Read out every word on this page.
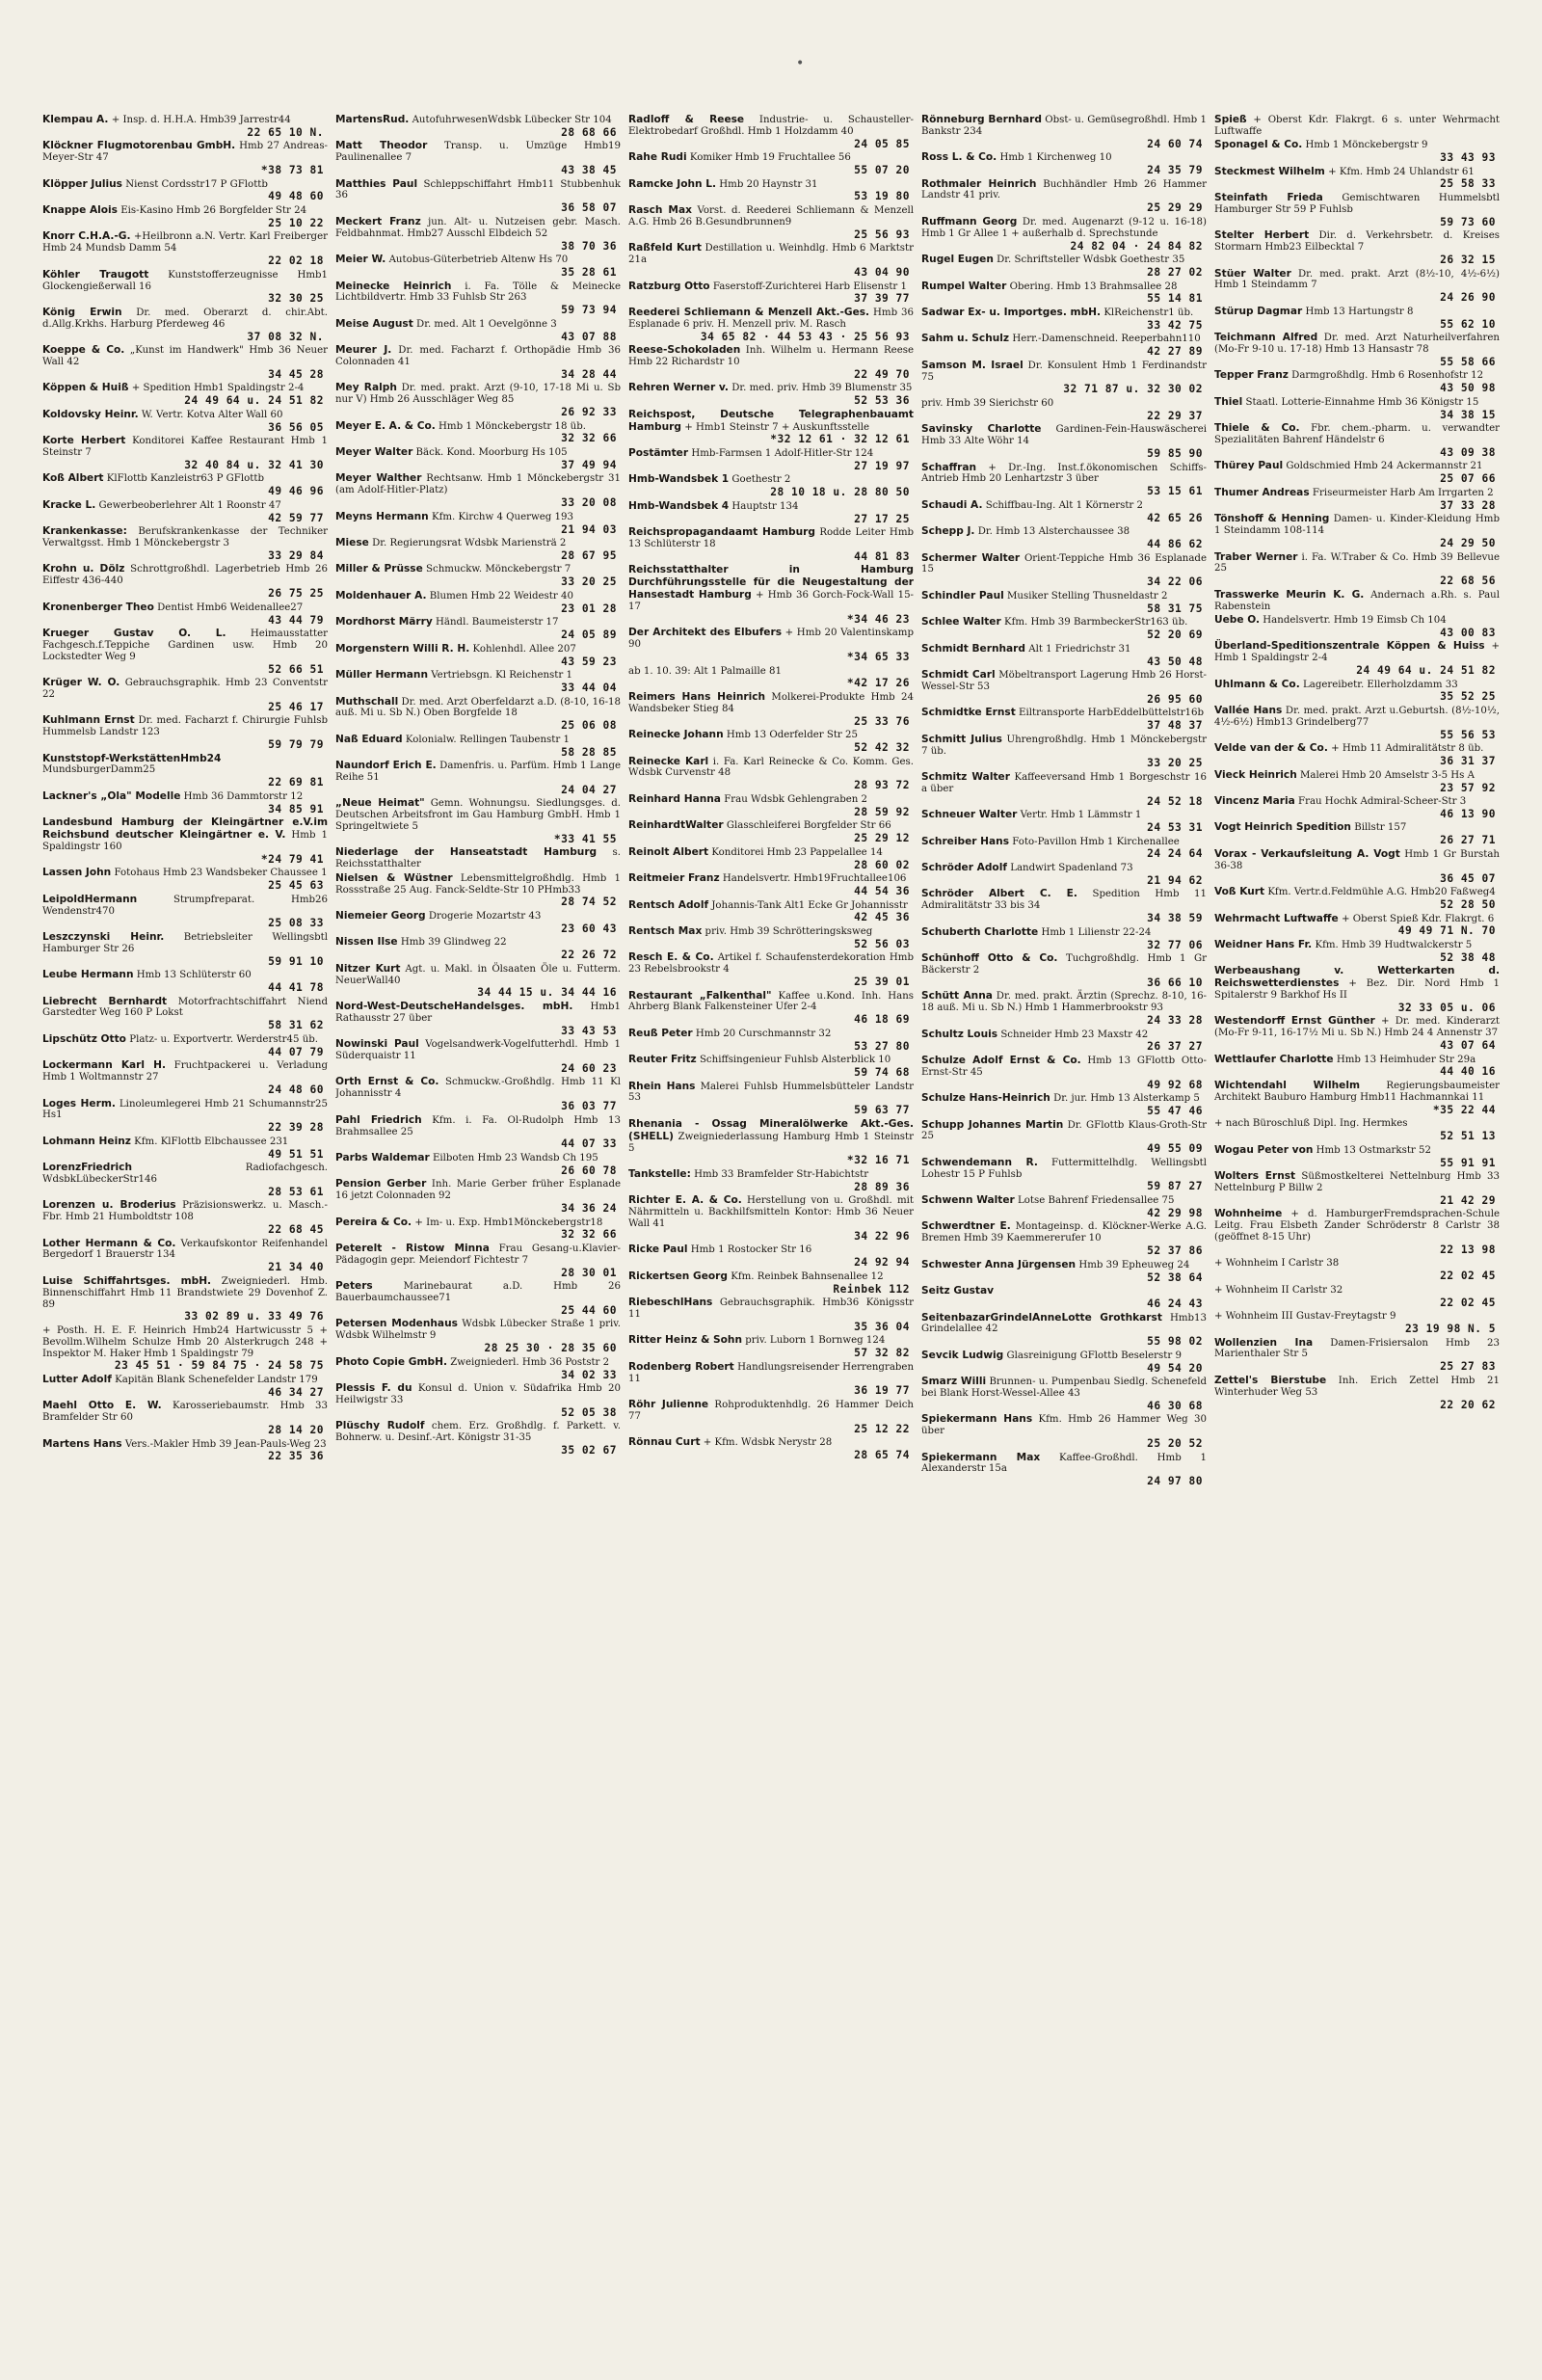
•
Klempau A. + Insp. d. H.H.A. Hmb39 Jarrestr44
22 65 10 N.
Klöckner Flugmotorenbau GmbH. Hmb 27 Andreas-Meyer-Str 47
*38 73 81
Klöpper Julius Nienst Cordsstr17 P GFlottb
49 48 60
Knappe Alois Eis-Kasino Hmb 26 Borgfelder Str 24
25 10 22
Knorr C.H.A.-G. +Heilbronn a.N. Vertr. Karl Freiberger Hmb 24 Mundsb Damm 54
22 02 18
Köhler Traugott Kunststofferzeugnisse Hmb1 Glockengießerwall 16
32 30 25
König Erwin Dr. med. Oberarzt d. chir.Abt. d.Allg.Krkhs. Harburg Pferdeweg 46
37 08 32 N.
Koeppe & Co. „Kunst im Handwerk" Hmb 36 Neuer Wall 42
34 45 28
Köppen & Huiß + Spedition Hmb1 Spaldingstr 2-4
24 49 64 u. 24 51 82
Koldovsky Heinr. W. Vertr. Kotva Alter Wall 60
36 56 05
Korte Herbert Konditorei Kaffee Restaurant Hmb 1 Steinstr 7
32 40 84 u. 32 41 30
Koß Albert KlFlottb Kanzleistr63 P GFlottb
49 46 96
Kracke L. Gewerbeoberlehrer Alt 1 Roonstr 47
42 59 77
Krankenkasse: Berufskrankenkasse der Techniker Verwaltgsst. Hmb 1 Mönckebergstr 3
33 29 84
Krohn u. Dölz Schrottgroßhdl. Lagerbetrieb Hmb 26 Eiffestr 436-440
26 75 25
Kronenberger Theo Dentist Hmb6 Weidenallee27
43 44 79
Krueger Gustav O. L. Heimausstatter Fachgesch.f.Teppiche Gardinen usw. Hmb 20 Lockstedter Weg 9
52 66 51
Krüger W. O. Gebrauchsgraphik. Hmb 23 Conventstr 22
25 46 17
Kuhlmann Ernst Dr. med. Facharzt f. Chirurgie Fuhlsb Hummelsb Landstr 123
59 79 79
Kunststopf-WerkstättenHmb24 MundsburgerDamm25
22 69 81
Lackner's „Ola" Modelle Hmb 36 Dammtorstr 12
34 85 91
Landesbund Hamburg der Kleingärtner e.V.im Reichsbund deutscher Kleingärtner e. V. Hmb 1 Spaldingstr 160
*24 79 41
Lassen John Fotohaus Hmb 23 Wandsbeker Chaussee 1
25 45 63
LeipoldHermann	Strumpfreparat. Hmb26 Wendenstr470
25 08 33
Leszczynski Heinr. Betriebsleiter Wellingsbtl Hamburger Str 26
59 91 10
Leube Hermann Hmb 13 Schlüterstr 60
44 41 78
Liebrecht Bernhardt Motorfrachtschiffahrt Niend Garstedter Weg 160 P Lokst
58 31 62
Lipschütz Otto Platz- u. Exportvertr. Werderstr45 üb.
44 07 79
Lockermann Karl H. Fruchtpackerei u. Verladung Hmb 1 Woltmannstr 27
24 48 60
Loges Herm. Linoleumlegerei Hmb 21 Schumannstr25 Hs1
22 39 28
Lohmann Heinz Kfm. KlFlottb Elbchaussee 231
49 51 51
LorenzFriedrich	Radiofachgesch. WdsbkLübeckerStr146
28 53 61
Lorenzen u. Broderius Präzisionswerkz. u. Masch.-Fbr. Hmb 21 Humboldtstr 108
22 68 45
Lother Hermann & Co. Verkaufskontor Reifenhandel Bergedorf 1 Brauerstr 134
21 34 40
Luise Schiffahrtsges. mbH. Zweigniederl. Hmb. Binnenschiffahrt Hmb 11 Brandstwiete 29 Dovenhof Z. 89
33 02 89 u. 33 49 76
+ Posth. H. E. F. Heinrich Hmb24 Hartwicusstr 5 + Bevollm.Wilhelm Schulze Hmb 20 Alsterkrugch 248 + Inspektor M. Haker Hmb 1 Spaldingstr 79
23 45 51 · 59 84 75 · 24 58 75
Lutter Adolf Kapitän Blank Schenefelder Landstr 179
46 34 27
Maehl Otto E. W. Karosseriebaumstr. Hmb 33 Bramfelder Str 60
28 14 20
Martens Hans Vers.-Makler Hmb 39 Jean-Pauls-Weg 23
22 35 36
MartensRud. AutofuhrwesenWdsbk Lübecker Str 104
28 68 66
Matt Theodor Transp. u. Umzüge Hmb19 Paulinenallee 7
43 38 45
Matthies Paul Schleppschiffahrt Hmb11 Stubbenhuk 36
36 58 07
Meckert Franz jun. Alt- u. Nutzeisen gebr. Masch. Feldbahnmat. Hmb27 Ausschl Elbdeich 52
38 70 36
Meier W. Autobus-Güterbetrieb Altenw Hs 70
35 28 61
Meinecke Heinrich i. Fa. Tölle & Meinecke Lichtbildvertr. Hmb 33 Fuhlsb Str 263
59 73 94
Meise August Dr. med. Alt 1 Oevelgönne 3
43 07 88
Meurer J. Dr. med. Facharzt f. Orthopädie Hmb 36 Colonnaden 41
34 28 44
Mey Ralph Dr. med. prakt. Arzt (9-10, 17-18 Mi u. Sb nur V) Hmb 26 Ausschläger Weg 85
26 92 33
Meyer E. A. & Co. Hmb 1 Mönckebergstr 18 üb.
32 32 66
Meyer Walter Bäck. Kond. Moorburg Hs 105
37 49 94
Meyer Walther Rechtsanw. Hmb 1 Mönckebergstr 31 (am Adolf-Hitler-Platz)
33 20 08
Meyns Hermann Kfm. Kirchw 4 Querweg 193
21 94 03
Miese Dr. Regierungsrat Wdsbk Mariensträ 2
28 67 95
Miller & Prüsse Schmuckw. Mönckebergstr 7
33 20 25
Moldenhauer A. Blumen Hmb 22 Weidestr 40
23 01 28
Mordhorst Märry Händl. Baumeisterstr 17
24 05 89
Morgenstern Willi R. H. Kohlenhdl. Allee 207
43 59 23
Müller Hermann Vertriebsgn. Kl Reichenstr 1
33 44 04
Muthschall Dr. med. Arzt Oberfeldarzt a.D. (8-10, 16-18 auß. Mi u. Sb N.) Oben Borgfelde 18
25 06 08
Naß Eduard Kolonialw. Rellingen Taubenstr 1
58 28 85
Naundorf Erich E. Damenfris. u. Parfüm. Hmb 1 Lange Reihe 51
24 04 27
„Neue Heimat" Gemn. Wohnungsu. Siedlungsges. d. Deutschen Arbeitsfront im Gau Hamburg GmbH. Hmb 1 Springeltwiete 5
*33 41 55
Niederlage der Hanseatstadt Hamburg s. Reichsstatthalter
Nielsen & Wüstner Lebensmittelgroßhdlg. Hmb 1 Rossstraße 25 Aug. Fanck-Seldte-Str 10 PHmb33
28 74 52
Niemeier Georg Drogerie Mozartstr 43
23 60 43
Nissen Ilse Hmb 39 Glindweg 22
22 26 72
Nitzer Kurt Agt. u. Makl. in Ölsaaten Öle u. Futterm. NeuerWall40
34 44 15 u. 34 44 16
Nord-West-DeutscheHandelsges. mbH. Hmb1 Rathausstr 27 über
33 43 53
Nowinski Paul Vogelsandwerk-Vogelfutterhdl. Hmb 1 Süderquaistr 11
24 60 23
Orth Ernst & Co. Schmuckw.-Großhdlg. Hmb 11 Kl Johannisstr 4
36 03 77
Pahl Friedrich Kfm. i. Fa. Ol-Rudolph Hmb 13 Brahmsallee 25
44 07 33
Parbs Waldemar Eilboten Hmb 23 Wandsb Ch 195
26 60 78
Pension Gerber Inh. Marie Gerber früher Esplanade 16 jetzt Colonnaden 92
34 36 24
Pereira & Co. + Im- u. Exp. Hmb1Mönckebergstr18
32 32 66
Peterelt - Ristow Minna Frau Gesang-u.Klavier-Pädagogin gepr. Meiendorf Fichtestr 7
28 30 01
Peters	Marinebaurat a.D. Hmb 26 Bauerbaumchaussee71
25 44 60
Petersen Modenhaus Wdsbk Lübecker Straße 1 priv. Wdsbk Wilhelmstr 9
28 25 30 · 28 35 60
Photo Copie GmbH. Zweigniederl. Hmb 36 Poststr 2
34 02 33
Plessis F. du Konsul d. Union v. Südafrika Hmb 20 Heilwigstr 33
52 05 38
Plüschy Rudolf chem. Erz. Großhdlg. f. Parkett. v. Bohnerw. u. Desinf.-Art. Königstr 31-35
35 02 67
Radloff & Reese Industrie- u. Schausteller-Elektrobedarf Großhdl. Hmb 1 Holzdamm 40
24 05 85
Rahe Rudi Komiker Hmb 19 Fruchtallee 56
55 07 20
Ramcke John L. Hmb 20 Haynstr 31
53 19 80
Rasch Max Vorst. d. Reederei Schliemann & Menzell A.G. Hmb 26 B.Gesundbrunnen9
25 56 93
Raßfeld Kurt Destillation u. Weinhdlg. Hmb 6 Marktstr 21a
43 04 90
Ratzburg Otto Faserstoff-Zurichterei Harb Elisenstr 1
37 39 77
Reederei Schliemann & Menzell Akt.-Ges. Hmb 36 Esplanade 6 priv. H. Menzell priv. M. Rasch
34 65 82 · 44 53 43 · 25 56 93
Reese-Schokoladen Inh. Wilhelm u. Hermann Reese Hmb 22 Richardstr 10
22 49 70
Rehren Werner v. Dr. med. priv. Hmb 39 Blumenstr 35
52 53 36
Reichspost, Deutsche Telegraphenbauamt Hamburg + Hmb1 Steinstr 7 + Auskunftsstelle
*32 12 61 · 32 12 61
Postämter Hmb-Farmsen 1 Adolf-Hitler-Str 124
27 19 97
Hmb-Wandsbek 1 Goethestr 2
28 10 18 u. 28 80 50
Hmb-Wandsbek 4 Hauptstr 134
27 17 25
Reichspropagandaamt Hamburg Rodde Leiter Hmb 13 Schlüterstr 18
44 81 83
Reichsstatthalter in Hamburg Durchführungsstelle für die Neugestaltung der Hansestadt Hamburg + Hmb 36 Gorch-Fock-Wall 15-17
*34 46 23
Der Architekt des Elbufers + Hmb 20 Valentinskamp 90
*34 65 33
ab 1. 10. 39: Alt 1 Palmaille 81
*42 17 26
Reimers Hans Heinrich Molkerei-Produkte Hmb 24 Wandsbeker Stieg 84
25 33 76
Reinecke Johann Hmb 13 Oderfelder Str 25
52 42 32
Reinecke Karl i. Fa. Karl Reinecke & Co. Komm. Ges. Wdsbk Curvenstr 48
28 93 72
Reinhard Hanna Frau Wdsbk Gehlengraben 2
28 59 92
ReinhardtWalter Glasschleiferei Borgfelder Str 66
25 29 12
Reinolt Albert Konditorei Hmb 23 Pappelallee 14
28 60 02
Reitmeier Franz Handelsvertr. Hmb19Fruchtallee106
44 54 36
Rentsch Adolf Johannis-Tank Alt1 Ecke Gr Johannisstr
42 45 36
Rentsch Max priv. Hmb 39 Schrötteringsksweg
52 56 03
Resch E. & Co. Artikel f. Schaufensterdekoration Hmb 23 Rebelsbrookstr 4
25 39 01
Restaurant „Falkenthal" Kaffee u.Kond. Inh. Hans Ahrberg Blank Falkensteiner Ufer 2-4
46 18 69
Reuß Peter Hmb 20 Curschmannstr 32
53 27 80
Reuter Fritz Schiffsingenieur Fuhlsb Alsterblick 10
59 74 68
Rhein Hans Malerei Fuhlsb Hummelsbütteler Landstr 53
59 63 77
Rhenania - Ossag Mineralölwerke Akt.-Ges. (SHELL) Zweigniederlassung Hamburg Hmb 1 Steinstr 5
*32 16 71
Tankstelle: Hmb 33 Bramfelder Str-Habichtstr
28 89 36
Richter E. A. & Co. Herstellung von u. Großhdl. mit Nährmitteln u. Backhilfsmitteln Kontor: Hmb 36 Neuer Wall 41
34 22 96
Ricke Paul Hmb 1 Rostocker Str 16
24 92 94
Rickertsen Georg Kfm. Reinbek Bahnsenallee 12
Reinbek 112
RiebeschlHans Gebrauchsgraphik. Hmb36 Königsstr 11
35 36 04
Ritter Heinz & Sohn priv. Luborn 1 Bornweg 124
57 32 82
Rodenberg Robert Handlungsreisender Herrengraben 11
36 19 77
Röhr Julienne Rohproduktenhdlg. 26 Hammer Deich 77
25 12 22
Rönnau Curt + Kfm. Wdsbk Nerystr 28
28 65 74
Rönneburg Bernhard Obst- u. Gemüsegroßhdl. Hmb 1 Bankstr 234
24 60 74
Ross L. & Co. Hmb 1 Kirchenweg 10
24 35 79
Rothmaler Heinrich Buchhändler Hmb 26 Hammer Landstr 41 priv.
25 29 29
Ruffmann Georg Dr. med. Augenarzt (9-12 u. 16-18) Hmb 1 Gr Allee 1 + außerhalb d. Sprechstunde
24 82 04 · 24 84 82
Rugel Eugen Dr. Schriftsteller Wdsbk Goethestr 35
28 27 02
Rumpel Walter Obering. Hmb 13 Brahmsallee 28
55 14 81
Sadwar Ex- u. Importges. mbH. KlReichenstr1 üb.
33 42 75
Sahm u. Schulz Herr.-Damenschneid. Reeperbahn110
42 27 89
Samson M. Israel Dr. Konsulent Hmb 1 Ferdinandstr 75
32 71 87 u. 32 30 02
priv. Hmb 39 Sierichstr 60
22 29 37
Savinsky Charlotte Gardinen-Fein-Hauswäscherei Hmb 33 Alte Wöhr 14
59 85 90
Schaffran + Dr.-Ing. Inst.f.ökonomischen Schiffs-Antrieb Hmb 20 Lenhartzstr 3 über
53 15 61
Schaudi A. Schiffbau-Ing. Alt 1 Körnerstr 2
42 65 26
Schepp J. Dr. Hmb 13 Alsterchaussee 38
44 86 62
Schermer Walter Orient-Teppiche Hmb 36 Esplanade 15
34 22 06
Schindler Paul Musiker Stelling Thusneldastr 2
58 31 75
Schlee Walter Kfm. Hmb 39 BarmbeckerStr163 üb.
52 20 69
Schmidt Bernhard Alt 1 Friedrichstr 31
43 50 48
Schmidt Carl Möbeltransport Lagerung Hmb 26 Horst-Wessel-Str 53
26 95 60
Schmidtke Ernst Eiltransporte HarbEddelbüttelstr16b
37 48 37
Schmitt Julius Uhrengroßhdlg. Hmb 1 Mönckebergstr 7 üb.
33 20 25
Schmitz Walter Kaffeeversand Hmb 1 Borgeschstr 16 a über
24 52 18
Schneuer Walter Vertr. Hmb 1 Lämmstr 1
24 53 31
Schreiber Hans Foto-Pavillon Hmb 1 Kirchenallee
24 24 64
Schröder Adolf Landwirt Spadenland 73
21 94 62
Schröder Albert C. E. Spedition Hmb 11 Admiralitätstr 33 bis 34
34 38 59
Schuberth Charlotte Hmb 1 Lilienstr 22-24
32 77 06
Schünhoff Otto & Co. Tuchgroßhdlg. Hmb 1 Gr Bäckerstr 2
36 66 10
Schütt Anna Dr. med. prakt. Ärztin (Sprechz. 8-10, 16-18 auß. Mi u. Sb N.) Hmb 1 Hammerbrookstr 93
24 33 28
Schultz Louis Schneider Hmb 23 Maxstr 42
26 37 27
Schulze Adolf Ernst & Co. Hmb 13 GFlottb Otto-Ernst-Str 45
49 92 68
Schulze Hans-Heinrich Dr. jur. Hmb 13 Alsterkamp 5
55 47 46
Schupp Johannes Martin Dr. GFlottb Klaus-Groth-Str 25
49 55 09
Schwendemann R. Futtermittelhdlg. Wellingsbtl Lohestr 15 P Fuhlsb
59 87 27
Schwenn Walter Lotse Bahrenf Friedensallee 75
42 29 98
Schwerdtner E. Montageinsp. d. Klöckner-Werke A.G. Bremen Hmb 39 Kaemmererufer 10
52 37 86
Schwester Anna Jürgensen Hmb 39 Epheuweg 24
52 38 64
Seitz Gustav
46 24 43
SeitenbazarGrindelAnneLotte Grothkarst Hmb13 Grindelallee 42
55 98 02
Sevcik Ludwig Glasreinigung GFlottb Beselerstr 9
49 54 20
Smarz Willi Brunnen- u. Pumpenbau Siedlg. Schenefeld bei Blank Horst-Wessel-Allee 43
46 30 68
Spiekermann Hans Kfm. Hmb 26 Hammer Weg 30 über
25 20 52
Spiekermann Max Kaffee-Großhdl. Hmb 1 Alexanderstr 15a
24 97 80
Spieß + Oberst Kdr. Flakrgt. 6 s. unter Wehrmacht Luftwaffe
Sponagel & Co. Hmb 1 Mönckebergstr 9
33 43 93
Steckmest Wilhelm + Kfm. Hmb 24 Uhlandstr 61
25 58 33
Steinfath Frieda Gemischtwaren Hummelsbtl Hamburger Str 59 P Fuhlsb
59 73 60
Stelter Herbert Dir. d. Verkehrsbetr. d. Kreises Stormarn Hmb23 Eilbecktal 7
26 32 15
Stüer Walter Dr. med. prakt. Arzt (8½-10, 4½-6½) Hmb 1 Steindamm 7
24 26 90
Stürup Dagmar Hmb 13 Hartungstr 8
55 62 10
Teichmann Alfred Dr. med. Arzt Naturheilverfahren (Mo-Fr 9-10 u. 17-18) Hmb 13 Hansastr 78
55 58 66
Tepper Franz Darmgroßhdlg. Hmb 6 Rosenhofstr 12
43 50 98
Thiel Staatl. Lotterie-Einnahme Hmb 36 Königstr 15
34 38 15
Thiele & Co. Fbr. chem.-pharm. u. verwandter Spezialitäten Bahrenf Händelstr 6
43 09 38
Thürey Paul Goldschmied Hmb 24 Ackermannstr 21
25 07 66
Thumer Andreas Friseurmeister Harb Am Irrgarten 2
37 33 28
Tönshoff & Henning Damen- u. Kinder-Kleidung Hmb 1 Steindamm 108-114
24 29 50
Traber Werner i. Fa. W.Traber & Co. Hmb 39 Bellevue 25
22 68 56
Trasswerke Meurin K. G. Andernach a.Rh. s. Paul Rabenstein
Uebe O. Handelsvertr. Hmb 19 Eimsb Ch 104
43 00 83
Überland-Speditionszentrale Köppen & Huiss + Hmb 1 Spaldingstr 2-4
24 49 64 u. 24 51 82
Uhlmann & Co. Lagereibetr. Ellerholzdamm 33
35 52 25
Vallée Hans Dr. med. prakt. Arzt u.Geburtsh. (8½-10½, 4½-6½) Hmb13 Grindelberg77
55 56 53
Velde van der & Co. + Hmb 11 Admiralitätstr 8 üb.
36 31 37
Vieck Heinrich Malerei Hmb 20 Amselstr 3-5 Hs A
23 57 92
Vincenz Maria Frau Hochk Admiral-Scheer-Str 3
46 13 90
Vogt Heinrich Spedition Billstr 157
26 27 71
Vorax - Verkaufsleitung A. Vogt Hmb 1 Gr Burstah 36-38
36 45 07
Voß Kurt Kfm. Vertr.d.Feldmühle A.G. Hmb20 Faßweg4
52 28 50
Wehrmacht Luftwaffe + Oberst Spieß Kdr. Flakrgt. 6
49 49 71 N. 70
Weidner Hans Fr. Kfm. Hmb 39 Hudtwalckerstr 5
52 38 48
Werbeaushang v. Wetterkarten d. Reichswetterdienstes + Bez. Dir. Nord Hmb 1 Spitalerstr 9 Barkhof Hs II
32 33 05 u. 06
Westendorff Ernst Günther + Dr. med. Kinderarzt (Mo-Fr 9-11, 16-17½ Mi u. Sb N.) Hmb 24 4 Annenstr 37
43 07 64
Wettlaufer Charlotte Hmb 13 Heimhuder Str 29a
44 40 16
Wichtendahl Wilhelm	Regierungsbaumeister Architekt Bauburo Hamburg Hmb11 Hachmannkai 11
*35 22 44
+ nach Büroschluß Dipl. Ing. Hermkes
52 51 13
Wogau Peter von Hmb 13 Ostmarkstr 52
55 91 91
Wolters Ernst Süßmostkelterei Nettelnburg Hmb 33 Nettelnburg P Billw 2
21 42 29
Wohnheime + d. HamburgerFremdsprachen-Schule Leitg. Frau Elsbeth Zander Schröderstr 8 Carlstr 38 (geöffnet 8-15 Uhr)
22 13 98
+ Wohnheim I Carlstr 38
22 02 45
+ Wohnheim II Carlstr 32
22 02 45
+ Wohnheim III Gustav-Freytagstr 9
23 19 98 N. 5
Wollenzien Ina Damen-Frisiersalon Hmb 23 Marienthaler Str 5
25 27 83
Zettel's Bierstube Inh. Erich Zettel Hmb 21 Winterhuder Weg 53
22 20 62
